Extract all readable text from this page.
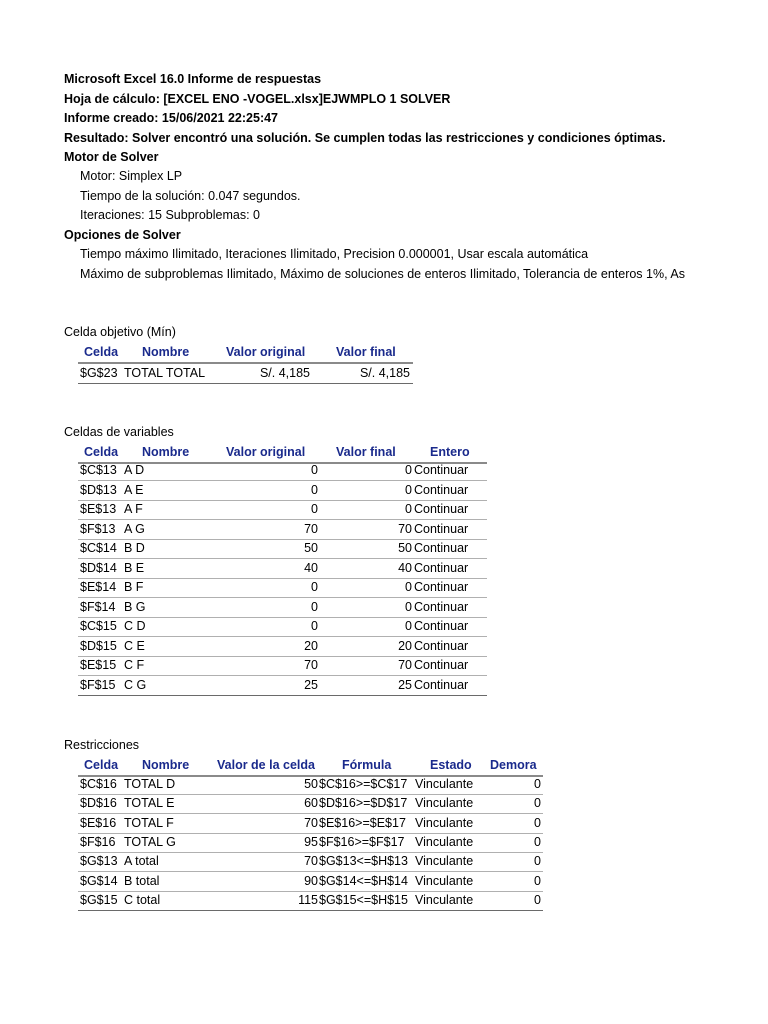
Microsoft Excel 16.0 Informe de respuestas
Hoja de cálculo: [EXCEL ENO -VOGEL.xlsx]EJWMPLO 1 SOLVER
Informe creado: 15/06/2021 22:25:47
Resultado: Solver encontró una solución. Se cumplen todas las restricciones y condiciones óptimas.
Motor de Solver
Motor: Simplex LP
Tiempo de la solución: 0.047 segundos.
Iteraciones: 15 Subproblemas: 0
Opciones de Solver
Tiempo máximo Ilimitado, Iteraciones Ilimitado, Precision 0.000001, Usar escala automática
Máximo de subproblemas Ilimitado, Máximo de soluciones de enteros Ilimitado, Tolerancia de enteros 1%, As
Celda objetivo (Mín)
Celda Nombre	Valor original Valor final
$G$23 TOTAL TOTAL	S/. 4,185	S/. 4,185
Celdas de variables
Celda Nombre	Valor original Valor final	Entero
$C$13 A D	0	0 Continuar
$D$13 A E	0	0 Continuar
$E$13 A F	0	0 Continuar
$F$13 A G	70	70 Continuar
$C$14 B D	50	50 Continuar
$D$14 B E	40	40 Continuar
$E$14 B F	0	0 Continuar
$F$14 B G	0	0 Continuar
$C$15 C D	0	0 Continuar
$D$15 C E	20	20 Continuar
$E$15 C F	70	70 Continuar
$F$15 C G	25	25 Continuar
Restricciones
Celda Nombre Valor de la celda Fórmula	Estado Demora
$C$16 TOTAL D	50 $C$16>=$C$17 Vinculante	0
$D$16 TOTAL E	60 $D$16>=$D$17 Vinculante	0
$E$16 TOTAL F	70 $E$16>=$E$17 Vinculante	0
$F$16 TOTAL G	95 $F$16>=$F$17 Vinculante	0
$G$13 A total	70 $G$13<=$H$13 Vinculante	0
$G$14 B total	90 $G$14<=$H$14 Vinculante	0
$G$15 C total	115 $G$15<=$H$15 Vinculante	0
